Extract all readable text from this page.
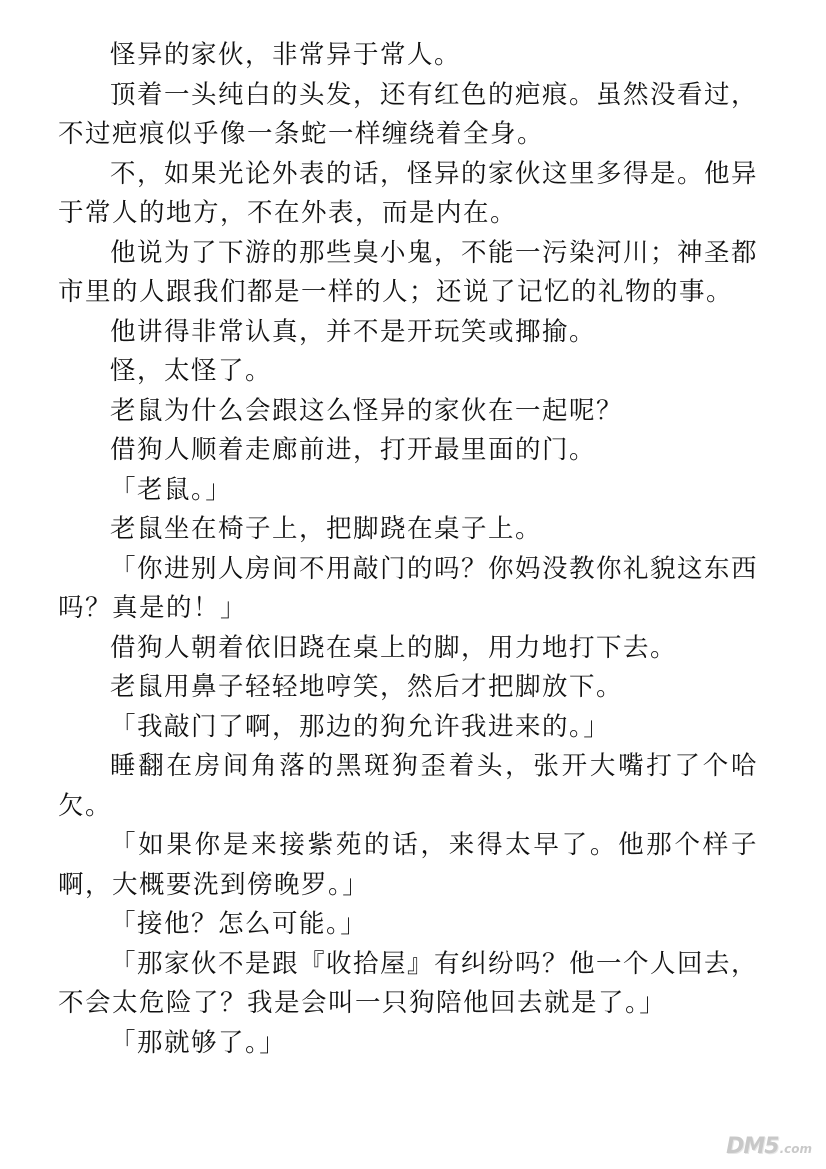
怪异的家伙，非常异于常人。

顶着一头纯白的头发，还有红色的疤痕。虽然没看过，不过疤痕似乎像一条蛇一样缠绕着全身。

不，如果光论外表的话，怪异的家伙这里多得是。他异于常人的地方，不在外表，而是内在。

他说为了下游的那些臭小鬼，不能一污染河川；神圣都市里的人跟我们都是一样的人；还说了记忆的礼物的事。

他讲得非常认真，并不是开玩笑或揶揄。

怪，太怪了。

老鼠为什么会跟这么怪异的家伙在一起呢？

借狗人顺着走廊前进，打开最里面的门。

「老鼠。」

老鼠坐在椅子上，把脚跷在桌子上。

「你进别人房间不用敲门的吗？你妈没教你礼貌这东西吗？真是的！」

借狗人朝着依旧跷在桌上的脚，用力地打下去。

老鼠用鼻子轻轻地哼笑，然后才把脚放下。

「我敲门了啊，那边的狗允许我进来的。」

睡翻在房间角落的黑斑狗歪着头，张开大嘴打了个哈欠。

「如果你是来接紫苑的话，来得太早了。他那个样子啊，大概要洗到傍晚罗。」

「接他？怎么可能。」

「那家伙不是跟『收拾屋』有纠纷吗？他一个人回去，不会太危险了？我是会叫一只狗陪他回去就是了。」

「那就够了。」

DM5 .com
